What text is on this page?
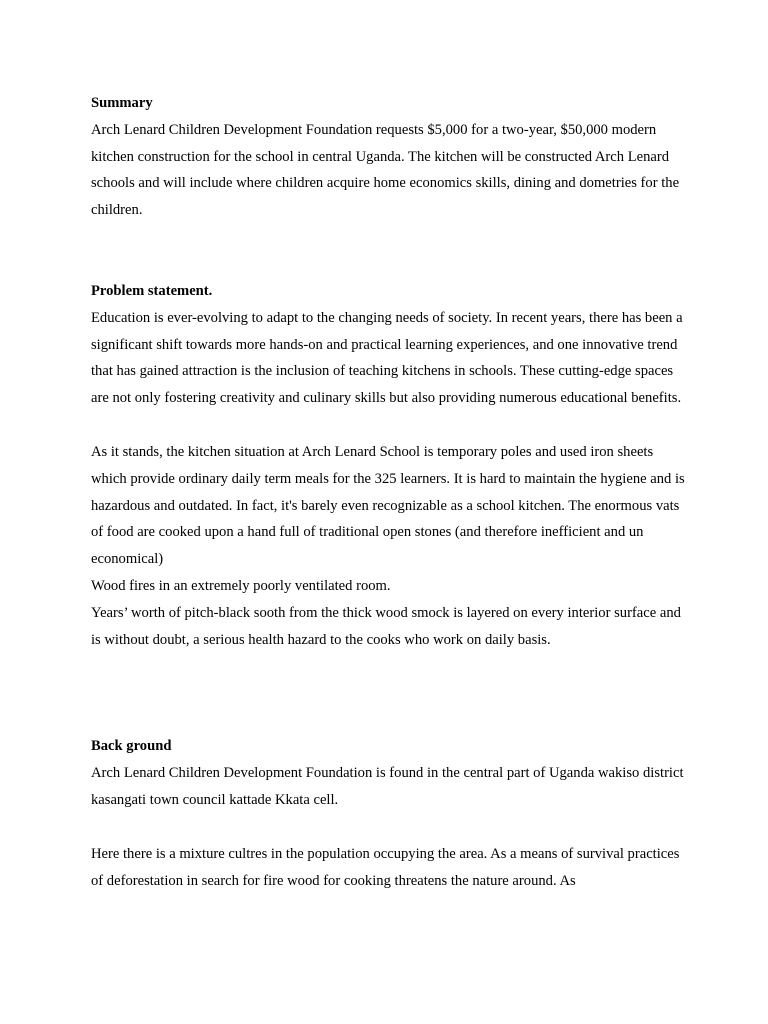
Summary

Arch Lenard Children Development Foundation requests $5,000 for a two-year, $50,000 modern kitchen construction for the school in central Uganda. The kitchen will be constructed Arch Lenard schools and will include where children acquire home economics skills, dining and dometries for the children.

Problem statement.

Education is ever-evolving to adapt to the changing needs of society. In recent years, there has been a significant shift towards more hands-on and practical learning experiences, and one innovative trend that has gained attraction is the inclusion of teaching kitchens in schools. These cutting-edge spaces are not only fostering creativity and culinary skills but also providing numerous educational benefits.

As it stands, the kitchen situation at Arch Lenard School is temporary poles and used iron sheets which provide ordinary daily term meals for the 325 learners. It is hard to maintain the hygiene and is hazardous and outdated. In fact, it's barely even recognizable as a school kitchen. The enormous vats of food are cooked upon a hand full of traditional open stones (and therefore inefficient and un economical)

Wood fires in an extremely poorly ventilated room.

Years’ worth of pitch-black sooth from the thick wood smock is layered on every interior surface and is without doubt, a serious health hazard to the cooks who work on daily basis.

Back ground

Arch Lenard Children Development Foundation is found in the central part of Uganda wakiso district kasangati town council kattade Kkata cell.

Here there is a mixture cultres in the population occupying the area. As a means of survival practices of deforestation in search for fire wood for cooking threatens the nature around. As
